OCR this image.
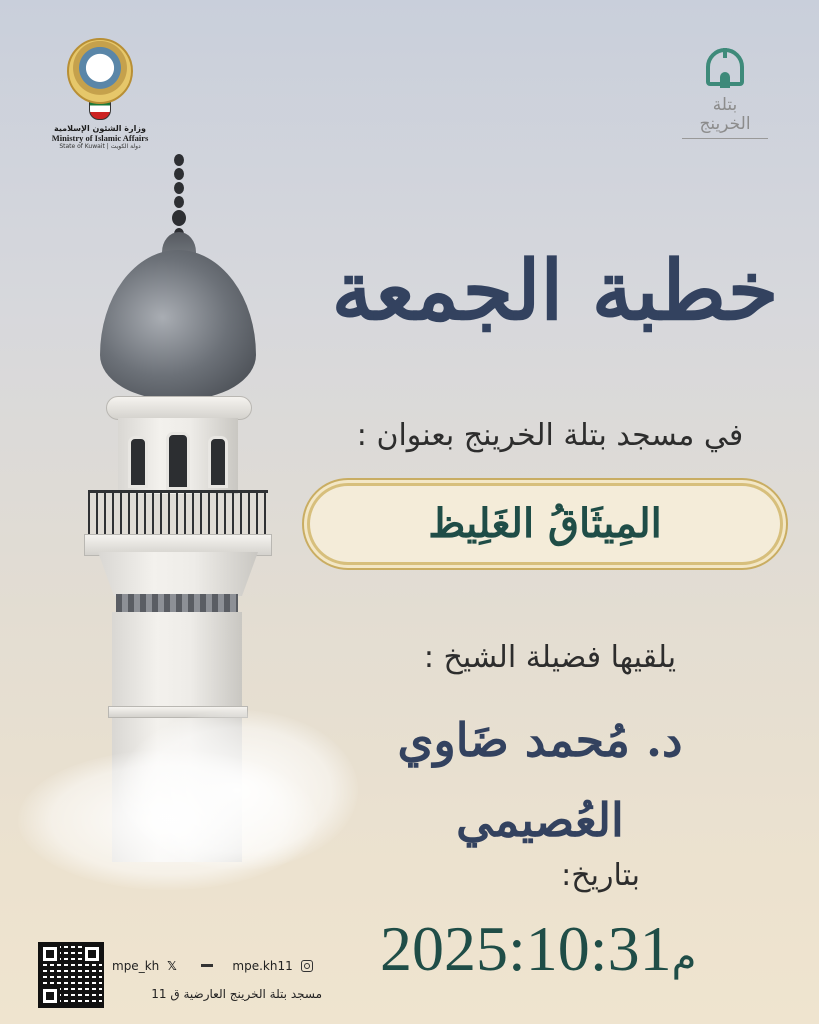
وزارة الشئون الإسلامية
Ministry of Islamic Affairs
State of Kuwait | دولة الكويت
بتلة
الخرينج
خطبة الجمعة
في مسجد بتلة الخرينج بعنوان :
المِيثَاقُ الغَلِيظ
يلقيها فضيلة الشيخ :
د. مُحمد ضَاوي العُصيمي
بتاريخ:
م2025:10:31
mpe_kh 𝕏	mpe.kh11
مسجد بتلة الخرينج العارضية ق 11
